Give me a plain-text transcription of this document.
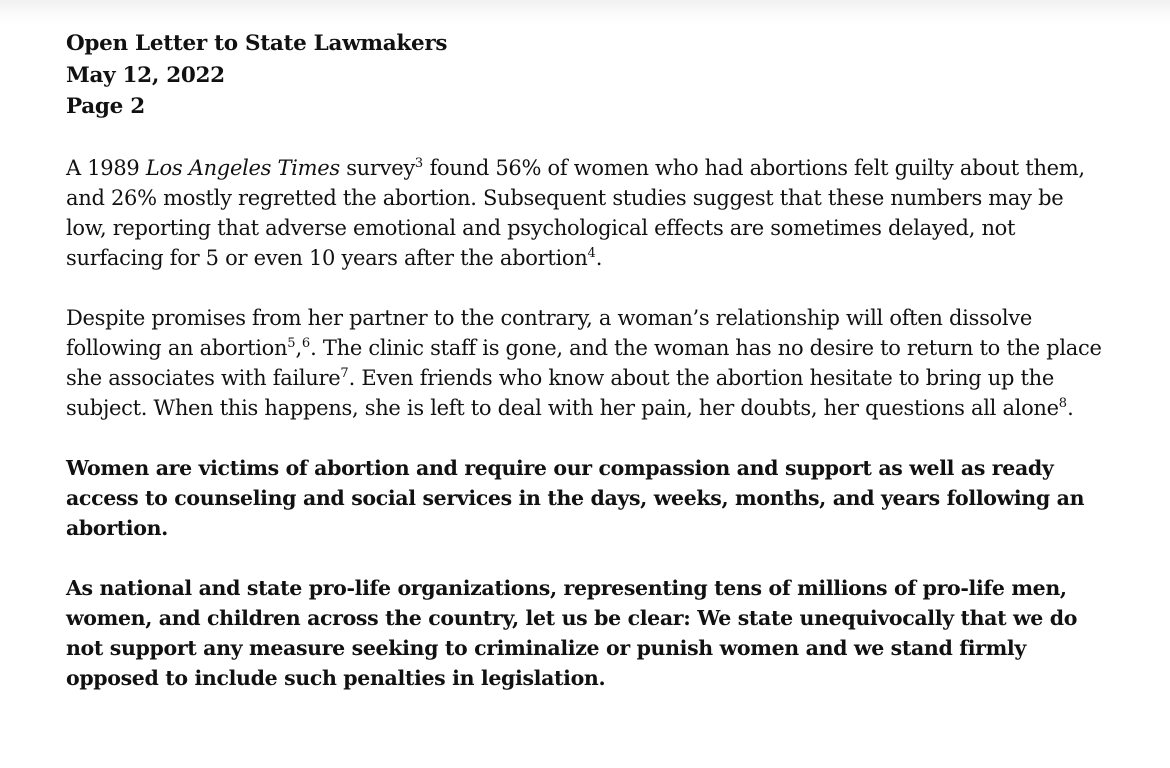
Open Letter to State Lawmakers
May 12, 2022
Page 2

A 1989 Los Angeles Times survey$^3$ found 56% of women who had abortions felt guilty about them, and 26% mostly regretted the abortion. Subsequent studies suggest that these numbers may be low, reporting that adverse emotional and psychological effects are sometimes delayed, not surfacing for 5 or even 10 years after the abortion$^4$.

Despite promises from her partner to the contrary, a woman’s relationship will often dissolve following an abortion$^5$,$^6$. The clinic staff is gone, and the woman has no desire to return to the place she associates with failure$^7$. Even friends who know about the abortion hesitate to bring up the subject. When this happens, she is left to deal with her pain, her doubts, her questions all alone$^8$.

Women are victims of abortion and require our compassion and support as well as ready access to counseling and social services in the days, weeks, months, and years following an abortion.

As national and state pro-life organizations, representing tens of millions of pro-life men, women, and children across the country, let us be clear: We state unequivocally that we do not support any measure seeking to criminalize or punish women and we stand firmly opposed to include such penalties in legislation.
